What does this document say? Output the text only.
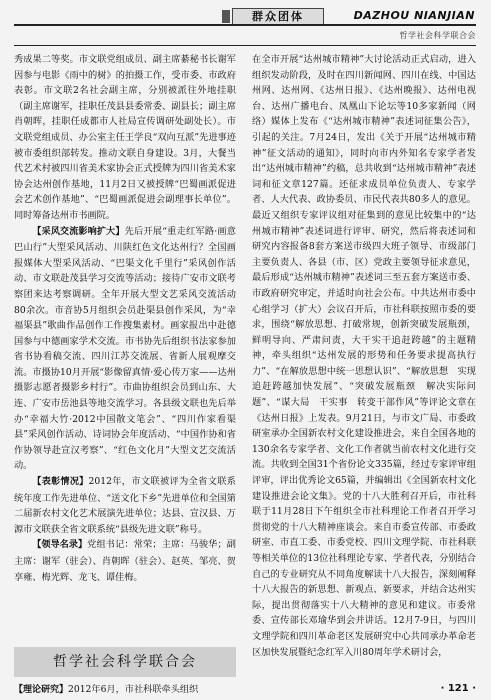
群众团体	DAZHOU NIANJIAN
哲学社会科学联合会

秀成果二等奖。市文联党组成员、副主席綦秘书长谢军因参与电影《雨中的树》的拍摄工作，受市委、市政府表彰。市文联2名社会副主席，分别被派往外地挂职（副主席谢军，挂职任茂县县委常委、副县长；副主席肖朝晖，挂职任成都市人社局宣传调研处副处长）。市文联党组成员、办公室主任王学良“双向互派”先进事迹被市委组织部转发。推动文联自身建设。3月，大餐当代艺术村被四川省美术家协会正式授牌为四川省美术家协会达州创作基地，11月2日又被授牌“巴蜀画派促进会艺术创作基地”、“巴蜀画派促进会副理事长单位”。同时筹备达州市书画院。

【采风交流影响扩大】先后开展“重走红军路·画意巴山行”大型采风活动、川陕红色文化达州行？全国画报媒体大型采风活动、“巴渠文化千里行”采风创作活动、市文联赴茂县学习交流等活动；接待广安市文联考察团来达考察调研。全年开展大型文艺采风交流活动80余次。市音协5月组织会员赴渠县创作采风，为“幸福渠县”歌曲作品创作工作搜集素材。画家报出中赴德国参与中德画家学术交流。市书协先后组织书法家参加省书协看稿交流、四川江苏交流展、省新人展观摩交流。市摄协10月开展“影像留真情·爱心传万家——达州摄影志愿者摄影乡村行”。市曲协组织会员到山东、大连、广安市岳池县等地交流学习。各县级文联也先后举办“幸福大竹·2012中国散文笔会”、“四川作家看渠县”采风创作活动、诗词协会年度活动、“中国作协和省作协领导赴宣汉考察”、“红色文化月”大型文艺交流活动。

【表彰情况】2012年，市文联被评为全省文联系统年度工作先进单位、“送文化下乡”先进单位和全国第二届新农村文化艺术展演先进单位；达县、宣汉县、万源市文联获全省文联系统“县级先进文联”称号。

【领导名录】党组书记：常荣；主席：马骏华；副主席：谢军（驻会）、肖朝晖（驻会）、赵英、邹亮、贺享雍、梅光辉、龙飞、谭佳梅。

哲学社会科学联合会
【理论研究】2012年6月，市社科联牵头组织

在全市开展“达州城市精神”大讨论活动正式启动，进入组织发动阶段，及时在四川新闻网、四川在线、中国达州网、达州网、《达州日报》、《达州晚报》、达州电视台、达州广播电台、凤凰山下论坛等10多家新闻（网络）媒体上发布《“达州城市精神”表述词征集公告》，引起的关注。7月24日，发出《关于开展“达州城市精神”征文活动的通知》，同时向市内外知名专家学者发出“达州城市精神”约稿，总共收到“达州城市精神”表述词和征文章127篇。还征求成员单位负责人、专家学者、人大代表、政协委员、市民代表共80多人的意见。最近又组织专家评议组对征集到的意见比较集中的“达州城市精神”表述词进行评审、研究，然后将表述词和研究内容报备8套方案送市级四大班子领导、市级部门主要负责人、各县（市、区）党政主要领导征求意见，最后形成“达州城市精神”表述词三至五套方案送市委、市政府研究审定，并适时向社会公布。中共达州市委中心组学习（扩大）会议召开后，市社科联按照市委的要求，围绕“解放思想、打破常规，创新突破发展瓶颈，鲜明导向、严肃问责，大干实干追赶跨越”的主题精神，牵头组织“达州发展的形势和任务要求提高执行力”、“在解放思想中统一思想认识”、“解放思想　实现追赶跨越加快发展”、“突破发展瓶颈　解决实际问题”、“谋大局　干实事　转变干部作风”等评论文章在《达州日报》上发表。9月21日，与市文广局、市委政研室承办全国新农村文化建设推进会，来自全国各地的130余名专家学者、文化工作者就当前农村文化进行交流。共收到全国31个省份论文335篇，经过专家评审组评审，评出优秀论文65篇，并编辑出《全国新农村文化建设推进会论文集》。党的十八大胜利召开后，市社科联于11月28日下午组织全市社科理论工作者召开学习贯彻党的十八大精神座谈会。来自市委宣传部、市委政研室、市直工委、市委党校、四川文理学院、市社科联等相关单位的13位社科理论专家、学者代表，分别结合自己的专业研究从不同角度解读十八大报告，深刻阐释十八大报告的新思想、新观点、新要求，并结合达州实际，提出贯彻落实十八大精神的意见和建议。市委常委、宣传部长邓瑜华到会并讲话。12月7-9日，与四川文理学院和四川革命老区发展研究中心共同承办革命老区加快发展暨纪念红军入川80周年学术研讨会，

· 121 ·
